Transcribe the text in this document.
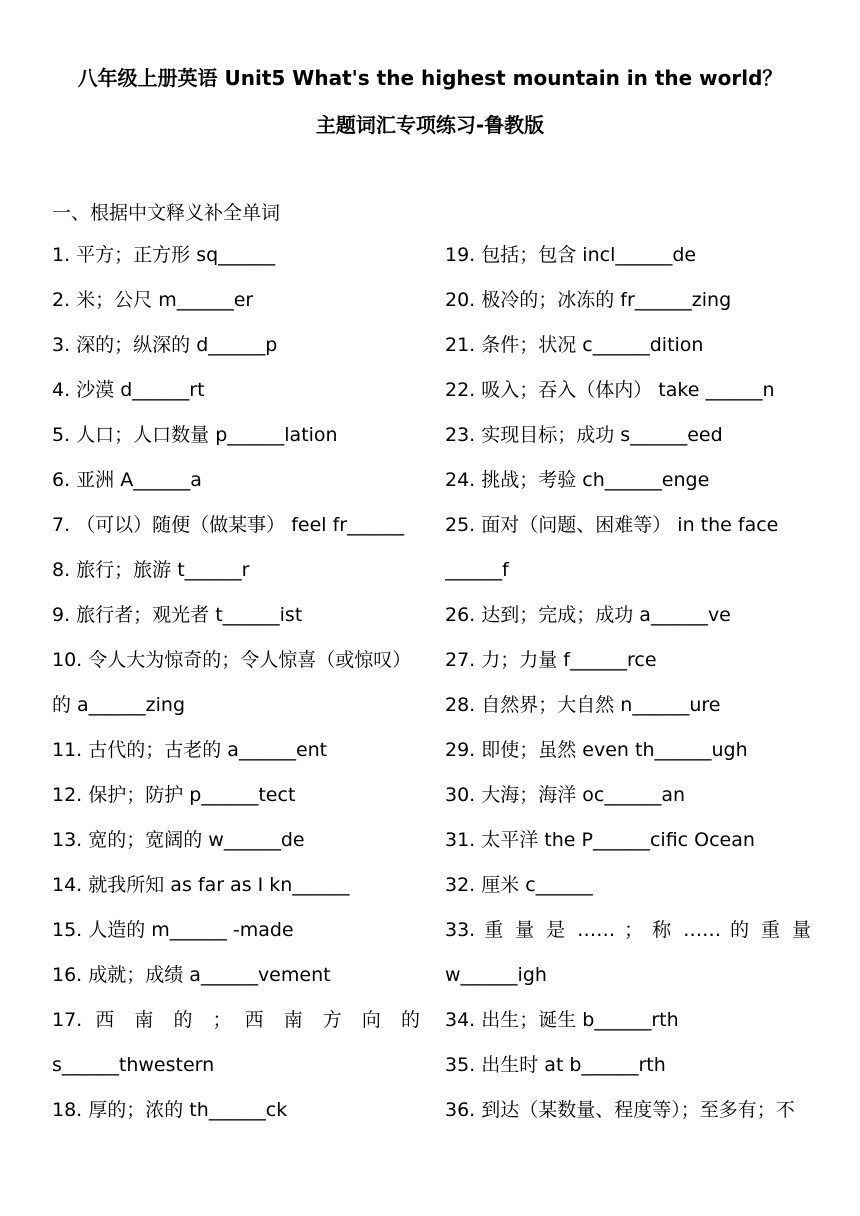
八年级上册英语 Unit5 What's the highest mountain in the world？
主题词汇专项练习-鲁教版
一、根据中文释义补全单词
1. 平方；正方形 sq______
2. 米；公尺 m______er
3. 深的；纵深的 d______p
4. 沙漠 d______rt
5. 人口；人口数量 p______lation
6. 亚洲 A______a
7. （可以）随便（做某事） feel fr______
8. 旅行；旅游 t______r
9. 旅行者；观光者 t______ist
10. 令人大为惊奇的；令人惊喜（或惊叹）
的 a______zing
11. 古代的；古老的 a______ent
12. 保护；防护 p______tect
13. 宽的；宽阔的 w______de
14. 就我所知 as far as I kn______
15. 人造的 m______ -made
16. 成就；成绩 a______vement
17. 西 南 的 ； 西 南 方 向 的
s______thwestern
18. 厚的；浓的 th______ck
19. 包括；包含 incl______de
20. 极冷的；冰冻的 fr______zing
21. 条件；状况 c______dition
22. 吸入；吞入（体内） take ______n
23. 实现目标；成功 s______eed
24. 挑战；考验 ch______enge
25. 面对（问题、困难等） in the face
______f
26. 达到；完成；成功 a______ve
27. 力；力量 f______rce
28. 自然界；大自然 n______ure
29. 即使；虽然 even th______ugh
30. 大海；海洋 oc______an
31. 太平洋 the P______cific Ocean
32. 厘米 c______
33. 重 量 是 …… ； 称 …… 的 重 量
w______igh
34. 出生；诞生 b______rth
35. 出生时 at b______rth
36. 到达（某数量、程度等）；至多有；不
